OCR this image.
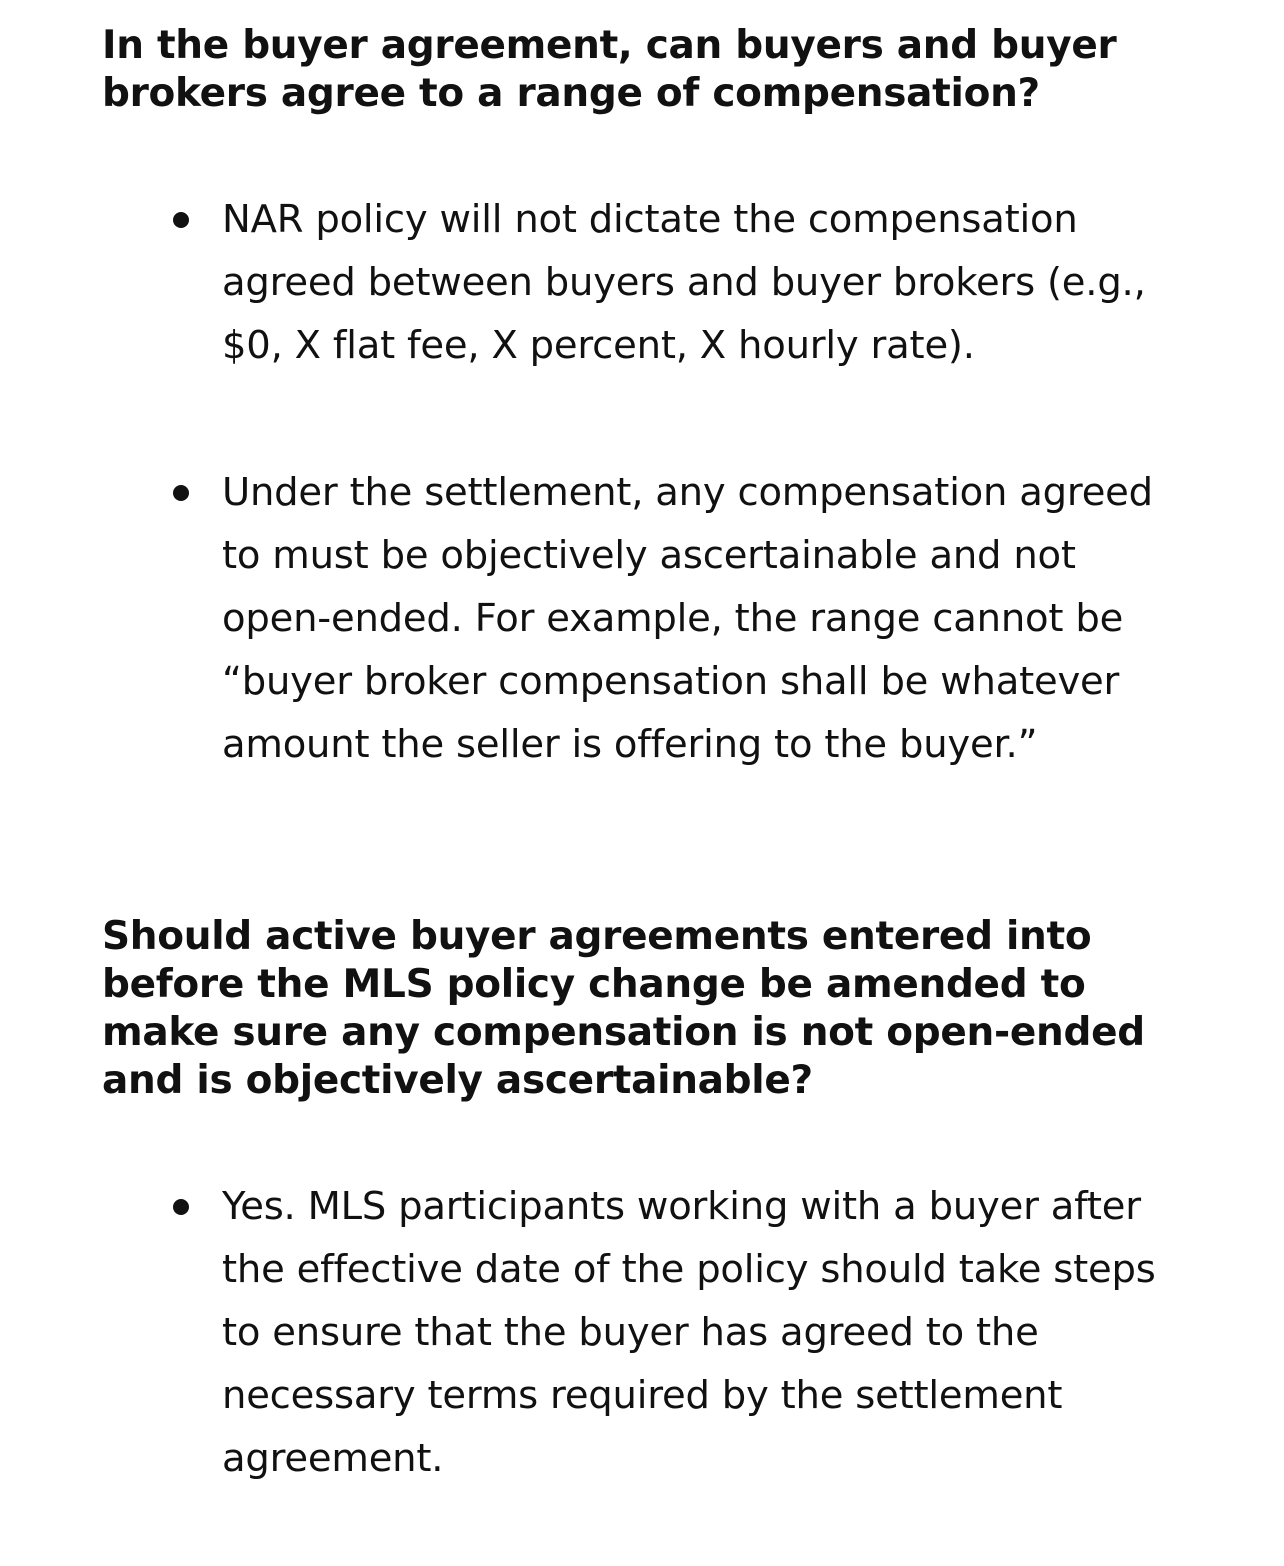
In the buyer agreement, can buyers and buyer brokers agree to a range of compensation?

NAR policy will not dictate the compensation agreed between buyers and buyer brokers (e.g., $0, X flat fee, X percent, X hourly rate).

Under the settlement, any compensation agreed to must be objectively ascertainable and not open-ended. For example, the range cannot be “buyer broker compensation shall be whatever amount the seller is offering to the buyer.”

Should active buyer agreements entered into before the MLS policy change be amended to make sure any compensation is not open-ended and is objectively ascertainable?

Yes. MLS participants working with a buyer after the effective date of the policy should take steps to ensure that the buyer has agreed to the necessary terms required by the settlement agreement.
